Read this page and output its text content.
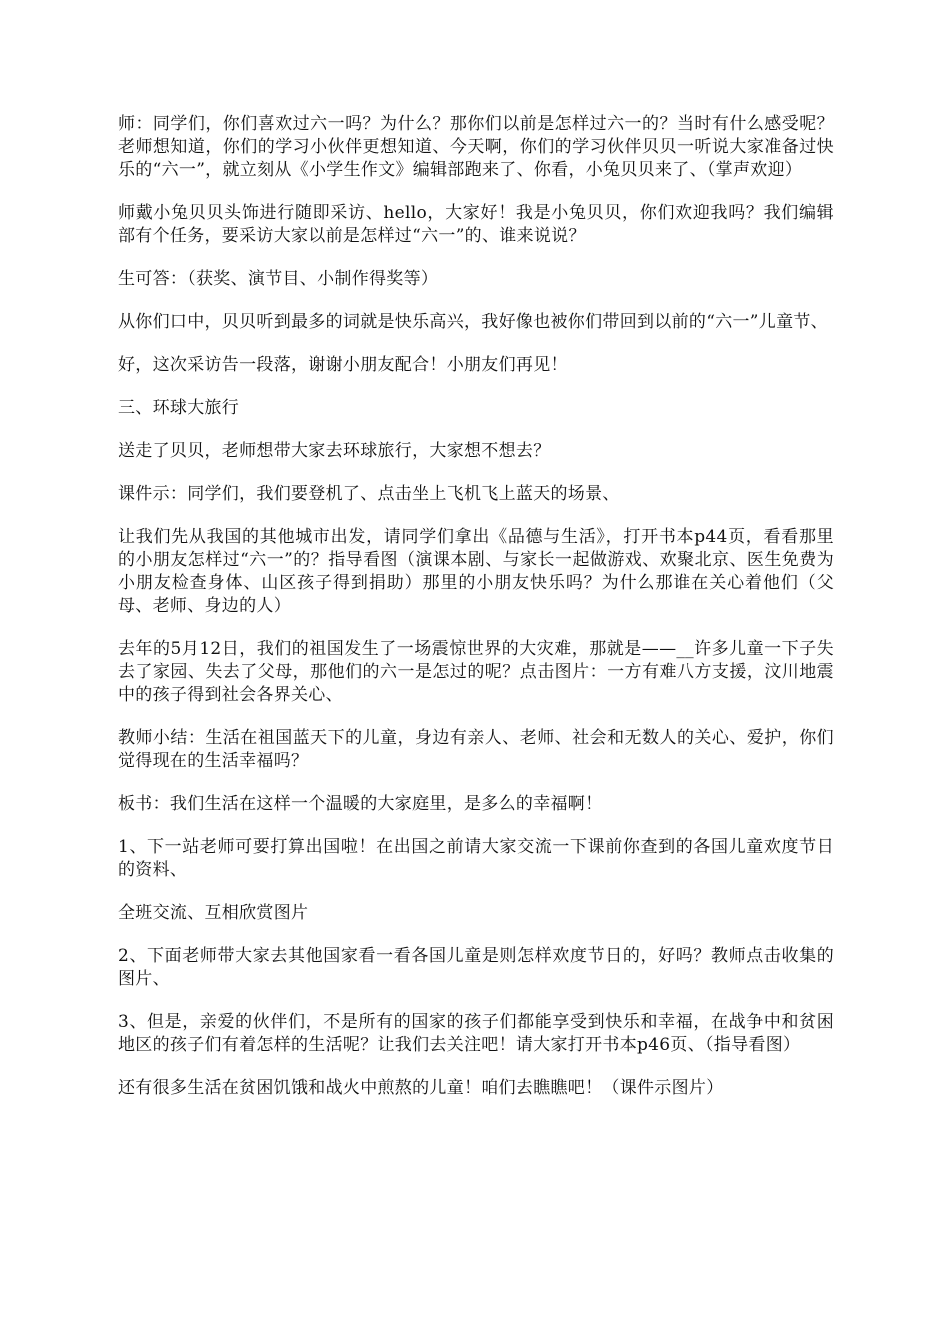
师：同学们，你们喜欢过六一吗？为什么？那你们以前是怎样过六一的？当时有什么感受呢？老师想知道，你们的学习小伙伴更想知道、今天啊，你们的学习伙伴贝贝一听说大家准备过快乐的“六一”，就立刻从《小学生作文》编辑部跑来了、你看，小兔贝贝来了、（掌声欢迎）

师戴小兔贝贝头饰进行随即采访、hello，大家好！我是小兔贝贝，你们欢迎我吗？我们编辑部有个任务，要采访大家以前是怎样过“六一”的、谁来说说？

生可答：（获奖、演节目、小制作得奖等）

从你们口中，贝贝听到最多的词就是快乐高兴，我好像也被你们带回到以前的“六一”儿童节、

好，这次采访告一段落，谢谢小朋友配合！小朋友们再见！

三、环球大旅行

送走了贝贝，老师想带大家去环球旅行，大家想不想去？

课件示：同学们，我们要登机了、点击坐上飞机飞上蓝天的场景、

让我们先从我国的其他城市出发，请同学们拿出《品德与生活》，打开书本p44页，看看那里的小朋友怎样过“六一”的？指导看图（演课本剧、与家长一起做游戏、欢聚北京、医生免费为小朋友检查身体、山区孩子得到捐助）那里的小朋友快乐吗？为什么那谁在关心着他们（父母、老师、身边的人）

去年的5月12日，我们的祖国发生了一场震惊世界的大灾难，那就是——__许多儿童一下子失去了家园、失去了父母，那他们的六一是怎过的呢？点击图片：一方有难八方支援，汶川地震中的孩子得到社会各界关心、

教师小结：生活在祖国蓝天下的儿童，身边有亲人、老师、社会和无数人的关心、爱护，你们觉得现在的生活幸福吗？

板书：我们生活在这样一个温暖的大家庭里，是多么的幸福啊！

1、下一站老师可要打算出国啦！在出国之前请大家交流一下课前你查到的各国儿童欢度节日的资料、

全班交流、互相欣赏图片

2、下面老师带大家去其他国家看一看各国儿童是则怎样欢度节日的，好吗？教师点击收集的图片、

3、但是，亲爱的伙伴们，不是所有的国家的孩子们都能享受到快乐和幸福，在战争中和贫困地区的孩子们有着怎样的生活呢？让我们去关注吧！请大家打开书本p46页、（指导看图）

还有很多生活在贫困饥饿和战火中煎熬的儿童！咱们去瞧瞧吧！（课件示图片）
